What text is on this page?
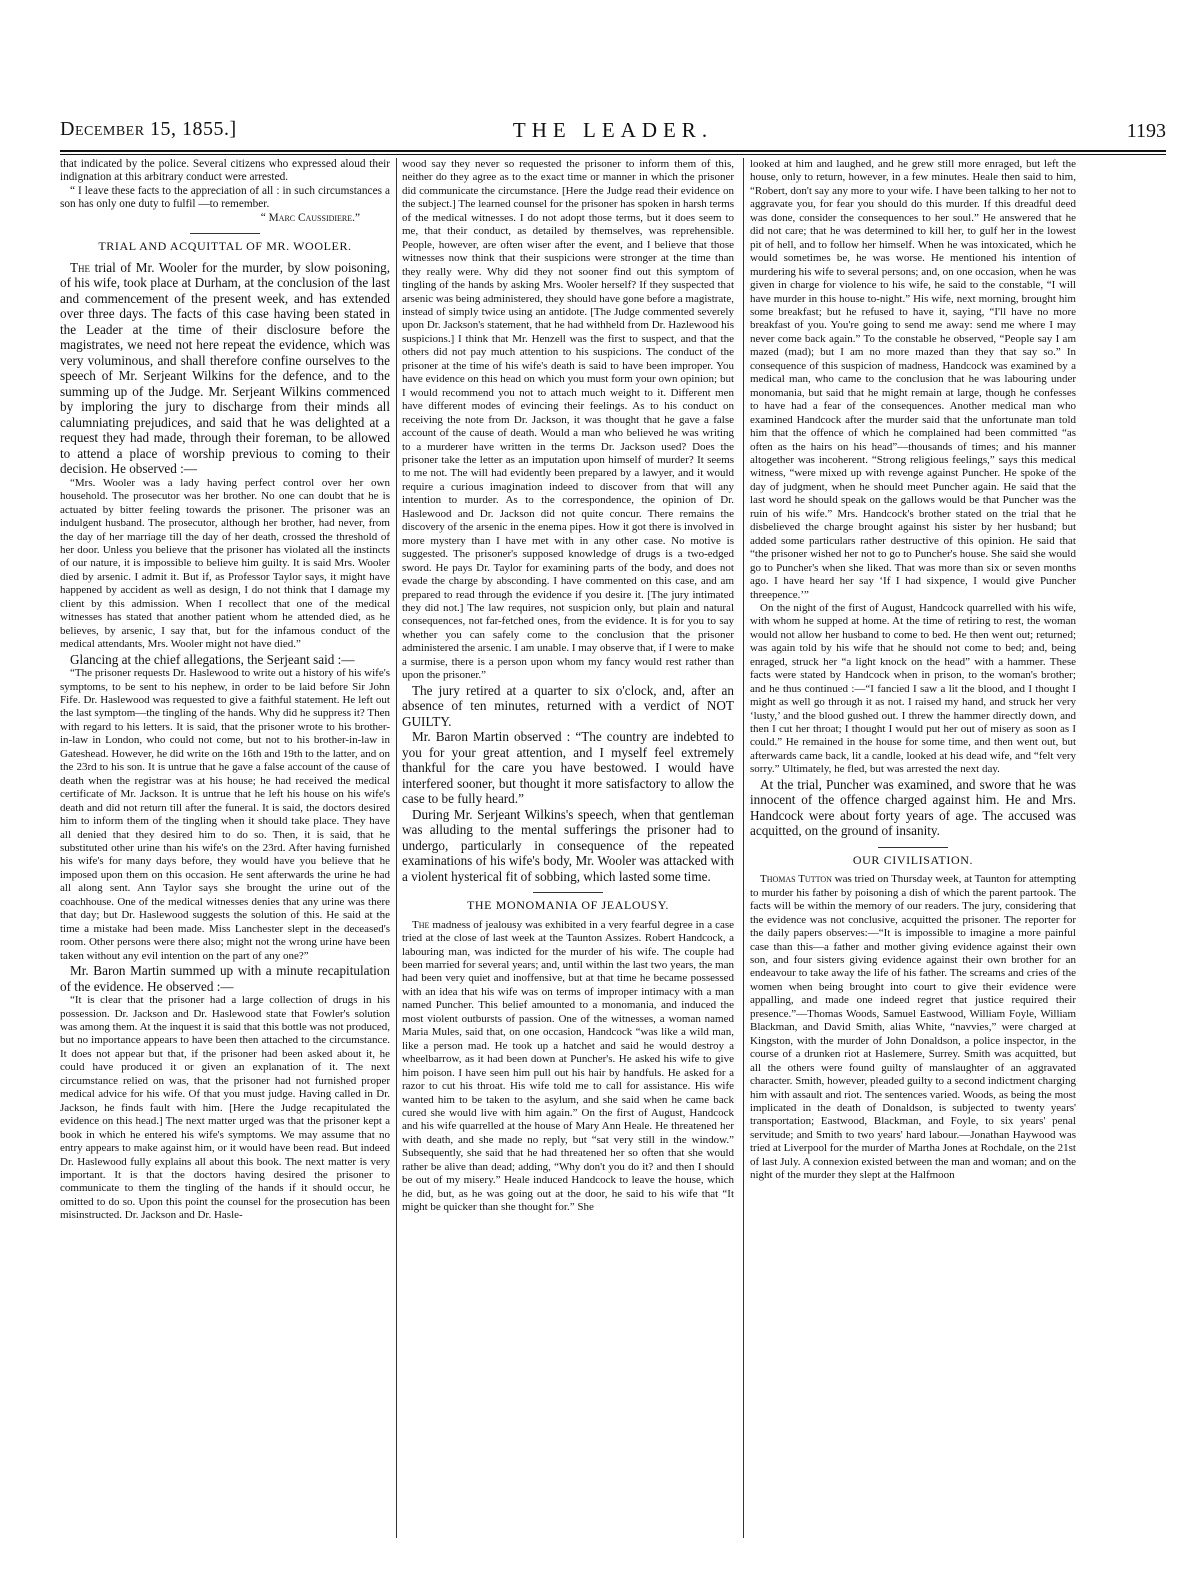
December 15, 1855.]	THE LEADER.	1193

that indicated by the police. Several citizens who expressed aloud their indignation at this arbitrary conduct were arrested.

“ I leave these facts to the appreciation of all : in such circumstances a son has only one duty to fulfil —to remember.

“ Marc Caussidiere.”
TRIAL AND ACQUITTAL OF MR. WOOLER.

The trial of Mr. Wooler for the murder, by slow poisoning, of his wife, took place at Durham, at the conclusion of the last and commencement of the present week, and has extended over three days. The facts of this case having been stated in the Leader at the time of their disclosure before the magistrates, we need not here repeat the evidence, which was very voluminous, and shall therefore confine ourselves to the speech of Mr. Serjeant Wilkins for the defence, and to the summing up of the Judge. Mr. Serjeant Wilkins commenced by imploring the jury to discharge from their minds all calumniating prejudices, and said that he was delighted at a request they had made, through their foreman, to be allowed to attend a place of worship previous to coming to their decision. He observed :—

“Mrs. Wooler was a lady having perfect control over her own household. The prosecutor was her brother. No one can doubt that he is actuated by bitter feeling towards the prisoner. The prisoner was an indulgent husband. The prosecutor, although her brother, had never, from the day of her marriage till the day of her death, crossed the threshold of her door. Unless you believe that the prisoner has violated all the instincts of our nature, it is impossible to believe him guilty. It is said Mrs. Wooler died by arsenic. I admit it. But if, as Professor Taylor says, it might have happened by accident as well as design, I do not think that I damage my client by this admission. When I recollect that one of the medical witnesses has stated that another patient whom he attended died, as he believes, by arsenic, I say that, but for the infamous conduct of the medical attendants, Mrs. Wooler might not have died.”

Glancing at the chief allegations, the Serjeant said :—

“The prisoner requests Dr. Haslewood to write out a history of his wife's symptoms, to be sent to his nephew, in order to be laid before Sir John Fife. Dr. Haslewood was requested to give a faithful statement. He left out the last symptom—the tingling of the hands. Why did he suppress it? Then with regard to his letters. It is said, that the prisoner wrote to his brother-in-law in London, who could not come, but not to his brother-in-law in Gateshead. However, he did write on the 16th and 19th to the latter, and on the 23rd to his son. It is untrue that he gave a false account of the cause of death when the registrar was at his house; he had received the medical certificate of Mr. Jackson. It is untrue that he left his house on his wife's death and did not return till after the funeral. It is said, the doctors desired him to inform them of the tingling when it should take place. They have all denied that they desired him to do so. Then, it is said, that he substituted other urine than his wife's on the 23rd. After having furnished his wife's for many days before, they would have you believe that he imposed upon them on this occasion. He sent afterwards the urine he had all along sent. Ann Taylor says she brought the urine out of the coachhouse. One of the medical witnesses denies that any urine was there that day; but Dr. Haslewood suggests the solution of this. He said at the time a mistake had been made. Miss Lanchester slept in the deceased's room. Other persons were there also; might not the wrong urine have been taken without any evil intention on the part of any one?”

Mr. Baron Martin summed up with a minute recapitulation of the evidence. He observed :—

“It is clear that the prisoner had a large collection of drugs in his possession. Dr. Jackson and Dr. Haslewood state that Fowler's solution was among them. At the inquest it is said that this bottle was not produced, but no importance appears to have been then attached to the circumstance. It does not appear but that, if the prisoner had been asked about it, he could have produced it or given an explanation of it. The next circumstance relied on was, that the prisoner had not furnished proper medical advice for his wife. Of that you must judge. Having called in Dr. Jackson, he finds fault with him. [Here the Judge recapitulated the evidence on this head.] The next matter urged was that the prisoner kept a book in which he entered his wife's symptoms. We may assume that no entry appears to make against him, or it would have been read. But indeed Dr. Haslewood fully explains all about this book. The next matter is very important. It is that the doctors having desired the prisoner to communicate to them the tingling of the hands if it should occur, he omitted to do so. Upon this point the counsel for the prosecution has been misinstructed. Dr. Jackson and Dr. Hasle-

wood say they never so requested the prisoner to inform them of this, neither do they agree as to the exact time or manner in which the prisoner did communicate the circumstance. [Here the Judge read their evidence on the subject.] The learned counsel for the prisoner has spoken in harsh terms of the medical witnesses. I do not adopt those terms, but it does seem to me, that their conduct, as detailed by themselves, was reprehensible. People, however, are often wiser after the event, and I believe that those witnesses now think that their suspicions were stronger at the time than they really were. Why did they not sooner find out this symptom of tingling of the hands by asking Mrs. Wooler herself? If they suspected that arsenic was being administered, they should have gone before a magistrate, instead of simply twice using an antidote. [The Judge commented severely upon Dr. Jackson's statement, that he had withheld from Dr. Hazlewood his suspicions.] I think that Mr. Henzell was the first to suspect, and that the others did not pay much attention to his suspicions. The conduct of the prisoner at the time of his wife's death is said to have been improper. You have evidence on this head on which you must form your own opinion; but I would recommend you not to attach much weight to it. Different men have different modes of evincing their feelings. As to his conduct on receiving the note from Dr. Jackson, it was thought that he gave a false account of the cause of death. Would a man who believed he was writing to a murderer have written in the terms Dr. Jackson used? Does the prisoner take the letter as an imputation upon himself of murder? It seems to me not. The will had evidently been prepared by a lawyer, and it would require a curious imagination indeed to discover from that will any intention to murder. As to the correspondence, the opinion of Dr. Haslewood and Dr. Jackson did not quite concur. There remains the discovery of the arsenic in the enema pipes. How it got there is involved in more mystery than I have met with in any other case. No motive is suggested. The prisoner's supposed knowledge of drugs is a two-edged sword. He pays Dr. Taylor for examining parts of the body, and does not evade the charge by absconding. I have commented on this case, and am prepared to read through the evidence if you desire it. [The jury intimated they did not.] The law requires, not suspicion only, but plain and natural consequences, not far-fetched ones, from the evidence. It is for you to say whether you can safely come to the conclusion that the prisoner administered the arsenic. I am unable. I may observe that, if I were to make a surmise, there is a person upon whom my fancy would rest rather than upon the prisoner.”

The jury retired at a quarter to six o'clock, and, after an absence of ten minutes, returned with a verdict of NOT GUILTY.

Mr. Baron Martin observed : “The country are indebted to you for your great attention, and I myself feel extremely thankful for the care you have bestowed. I would have interfered sooner, but thought it more satisfactory to allow the case to be fully heard.”

During Mr. Serjeant Wilkins's speech, when that gentleman was alluding to the mental sufferings the prisoner had to undergo, particularly in consequence of the repeated examinations of his wife's body, Mr. Wooler was attacked with a violent hysterical fit of sobbing, which lasted some time.

THE MONOMANIA OF JEALOUSY.

The madness of jealousy was exhibited in a very fearful degree in a case tried at the close of last week at the Taunton Assizes. Robert Handcock, a labouring man, was indicted for the murder of his wife. The couple had been married for several years; and, until within the last two years, the man had been very quiet and inoffensive, but at that time he became possessed with an idea that his wife was on terms of improper intimacy with a man named Puncher. This belief amounted to a monomania, and induced the most violent outbursts of passion. One of the witnesses, a woman named Maria Mules, said that, on one occasion, Handcock “was like a wild man, like a person mad. He took up a hatchet and said he would destroy a wheelbarrow, as it had been down at Puncher's. He asked his wife to give him poison. I have seen him pull out his hair by handfuls. He asked for a razor to cut his throat. His wife told me to call for assistance. His wife wanted him to be taken to the asylum, and she said when he came back cured she would live with him again.” On the first of August, Handcock and his wife quarrelled at the house of Mary Ann Heale. He threatened her with death, and she made no reply, but “sat very still in the window.” Subsequently, she said that he had threatened her so often that she would rather be alive than dead; adding, “Why don't you do it? and then I should be out of my misery.” Heale induced Handcock to leave the house, which he did, but, as he was going out at the door, he said to his wife that “It might be quicker than she thought for.” She

looked at him and laughed, and he grew still more enraged, but left the house, only to return, however, in a few minutes. Heale then said to him, “Robert, don't say any more to your wife. I have been talking to her not to aggravate you, for fear you should do this murder. If this dreadful deed was done, consider the consequences to her soul.” He answered that he did not care; that he was determined to kill her, to gulf her in the lowest pit of hell, and to follow her himself. When he was intoxicated, which he would sometimes be, he was worse. He mentioned his intention of murdering his wife to several persons; and, on one occasion, when he was given in charge for violence to his wife, he said to the constable, “I will have murder in this house to-night.” His wife, next morning, brought him some breakfast; but he refused to have it, saying, “I'll have no more breakfast of you. You're going to send me away: send me where I may never come back again.” To the constable he observed, “People say I am mazed (mad); but I am no more mazed than they that say so.” In consequence of this suspicion of madness, Handcock was examined by a medical man, who came to the conclusion that he was labouring under monomania, but said that he might remain at large, though he confesses to have had a fear of the consequences. Another medical man who examined Handcock after the murder said that the unfortunate man told him that the offence of which he complained had been committed “as often as the hairs on his head”—thousands of times; and his manner altogether was incoherent. “Strong religious feelings,” says this medical witness, “were mixed up with revenge against Puncher. He spoke of the day of judgment, when he should meet Puncher again. He said that the last word he should speak on the gallows would be that Puncher was the ruin of his wife.” Mrs. Handcock's brother stated on the trial that he disbelieved the charge brought against his sister by her husband; but added some particulars rather destructive of this opinion. He said that “the prisoner wished her not to go to Puncher's house. She said she would go to Puncher's when she liked. That was more than six or seven months ago. I have heard her say ‘If I had sixpence, I would give Puncher threepence.’”

On the night of the first of August, Handcock quarrelled with his wife, with whom he supped at home. At the time of retiring to rest, the woman would not allow her husband to come to bed. He then went out; returned; was again told by his wife that he should not come to bed; and, being enraged, struck her “a light knock on the head” with a hammer. These facts were stated by Handcock when in prison, to the woman's brother; and he thus continued :—“I fancied I saw a lit the blood, and I thought I might as well go through it as not. I raised my hand, and struck her very ‘lusty,’ and the blood gushed out. I threw the hammer directly down, and then I cut her throat; I thought I would put her out of misery as soon as I could.” He remained in the house for some time, and then went out, but afterwards came back, lit a candle, looked at his dead wife, and “felt very sorry.” Ultimately, he fled, but was arrested the next day.

At the trial, Puncher was examined, and swore that he was innocent of the offence charged against him. He and Mrs. Handcock were about forty years of age. The accused was acquitted, on the ground of insanity.

OUR CIVILISATION.

Thomas Tutton was tried on Thursday week, at Taunton for attempting to murder his father by poisoning a dish of which the parent partook. The facts will be within the memory of our readers. The jury, considering that the evidence was not conclusive, acquitted the prisoner. The reporter for the daily papers observes:—“It is impossible to imagine a more painful case than this—a father and mother giving evidence against their own son, and four sisters giving evidence against their own brother for an endeavour to take away the life of his father. The screams and cries of the women when being brought into court to give their evidence were appalling, and made one indeed regret that justice required their presence.”—Thomas Woods, Samuel Eastwood, William Foyle, William Blackman, and David Smith, alias White, “navvies,” were charged at Kingston, with the murder of John Donaldson, a police inspector, in the course of a drunken riot at Haslemere, Surrey. Smith was acquitted, but all the others were found guilty of manslaughter of an aggravated character. Smith, however, pleaded guilty to a second indictment charging him with assault and riot. The sentences varied. Woods, as being the most implicated in the death of Donaldson, is subjected to twenty years' transportation; Eastwood, Blackman, and Foyle, to six years' penal servitude; and Smith to two years' hard labour.—Jonathan Haywood was tried at Liverpool for the murder of Martha Jones at Rochdale, on the 21st of last July. A connexion existed between the man and woman; and on the night of the murder they slept at the Halfmoon
